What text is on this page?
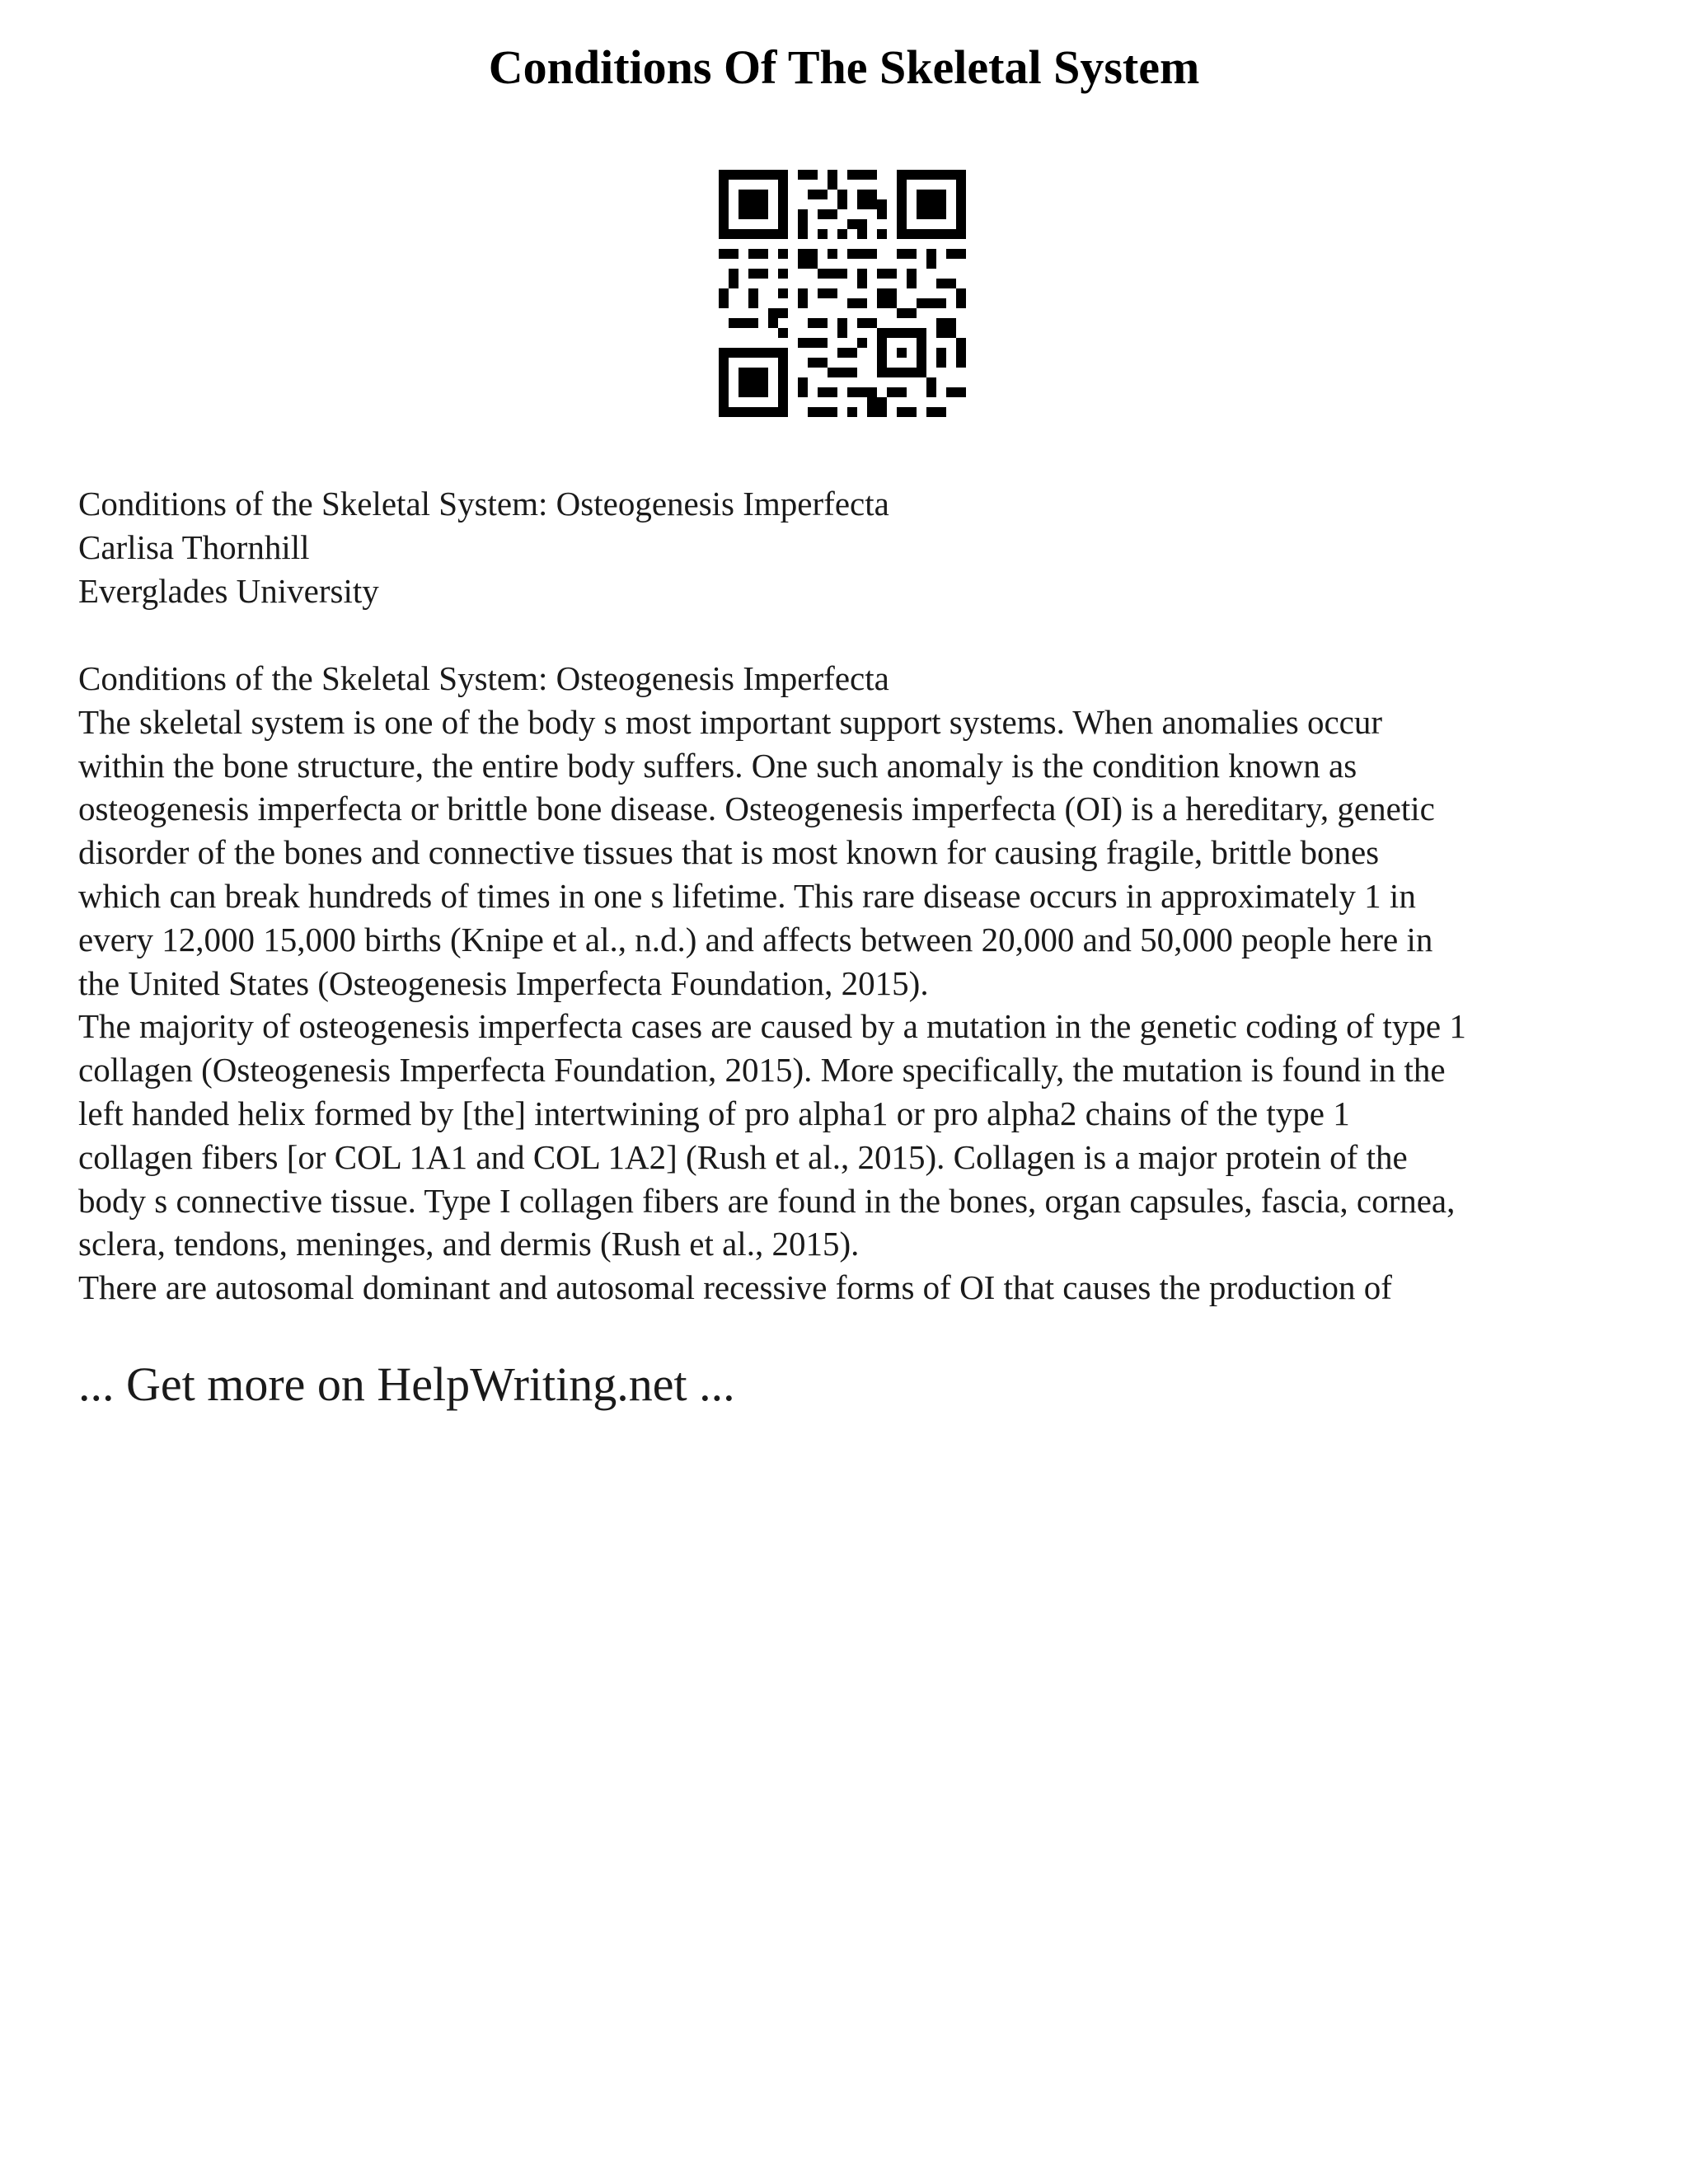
Conditions Of The Skeletal System
Conditions of the Skeletal System: Osteogenesis Imperfecta
Carlisa Thornhill
Everglades University
Conditions of the Skeletal System: Osteogenesis Imperfecta
The skeletal system is one of the body s most important support systems. When anomalies occur
within the bone structure, the entire body suffers. One such anomaly is the condition known as
osteogenesis imperfecta or brittle bone disease. Osteogenesis imperfecta (OI) is a hereditary, genetic
disorder of the bones and connective tissues that is most known for causing fragile, brittle bones
which can break hundreds of times in one s lifetime. This rare disease occurs in approximately 1 in
every 12,000 15,000 births (Knipe et al., n.d.) and affects between 20,000 and 50,000 people here in
the United States (Osteogenesis Imperfecta Foundation, 2015).
The majority of osteogenesis imperfecta cases are caused by a mutation in the genetic coding of type 1
collagen (Osteogenesis Imperfecta Foundation, 2015). More specifically, the mutation is found in the
left handed helix formed by [the] intertwining of pro alpha1 or pro alpha2 chains of the type 1
collagen fibers [or COL 1A1 and COL 1A2] (Rush et al., 2015). Collagen is a major protein of the
body s connective tissue. Type I collagen fibers are found in the bones, organ capsules, fascia, cornea,
sclera, tendons, meninges, and dermis (Rush et al., 2015).
There are autosomal dominant and autosomal recessive forms of OI that causes the production of
... Get more on HelpWriting.net ...
